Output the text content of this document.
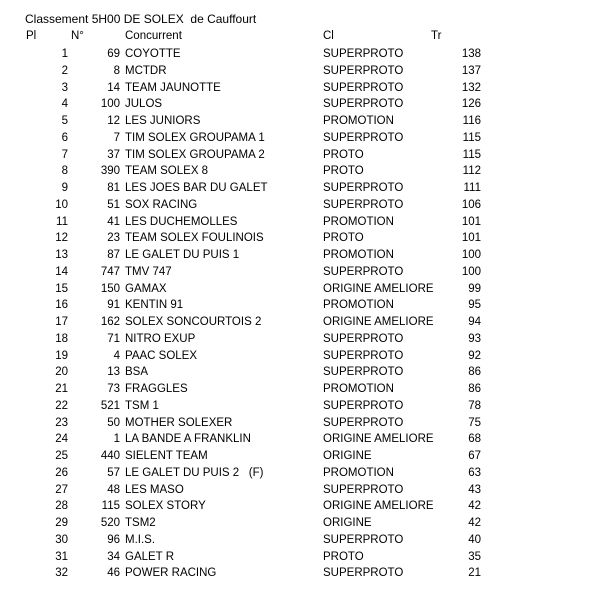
Classement 5H00 DE SOLEX  de Cauffourt
Pl	N°	Concurrent	Cl	Tr
1	69 COYOTTE	SUPERPROTO	138
2	8 MCTDR	SUPERPROTO	137
3	14 TEAM JAUNOTTE	SUPERPROTO	132
4	100 JULOS	SUPERPROTO	126
5	12 LES JUNIORS	PROMOTION	116
6	7 TIM SOLEX GROUPAMA 1	SUPERPROTO	115
7	37 TIM SOLEX GROUPAMA 2	PROTO	115
8	390 TEAM SOLEX 8	PROTO	112
9	81 LES JOES BAR DU GALET	SUPERPROTO	111
10	51 SOX RACING	SUPERPROTO	106
11	41 LES DUCHEMOLLES	PROMOTION	101
12	23 TEAM SOLEX FOULINOIS	PROTO	101
13	87 LE GALET DU PUIS 1	PROMOTION	100
14	747 TMV 747	SUPERPROTO	100
15	150 GAMAX	ORIGINE AMELIORE	99
16	91 KENTIN 91	PROMOTION	95
17	162 SOLEX SONCOURTOIS 2	ORIGINE AMELIORE	94
18	71 NITRO EXUP	SUPERPROTO	93
19	4 PAAC SOLEX	SUPERPROTO	92
20	13 BSA	SUPERPROTO	86
21	73 FRAGGLES	PROMOTION	86
22	521 TSM 1	SUPERPROTO	78
23	50 MOTHER SOLEXER	SUPERPROTO	75
24	1 LA BANDE A FRANKLIN	ORIGINE AMELIORE	68
25	440 SIELENT TEAM	ORIGINE	67
26	57 LE GALET DU PUIS 2   (F)	PROMOTION	63
27	48 LES MASO	SUPERPROTO	43
28	115 SOLEX STORY	ORIGINE AMELIORE	42
29	520 TSM2	ORIGINE	42
30	96 M.I.S.	SUPERPROTO	40
31	34 GALET R	PROTO	35
32	46 POWER RACING	SUPERPROTO	21
